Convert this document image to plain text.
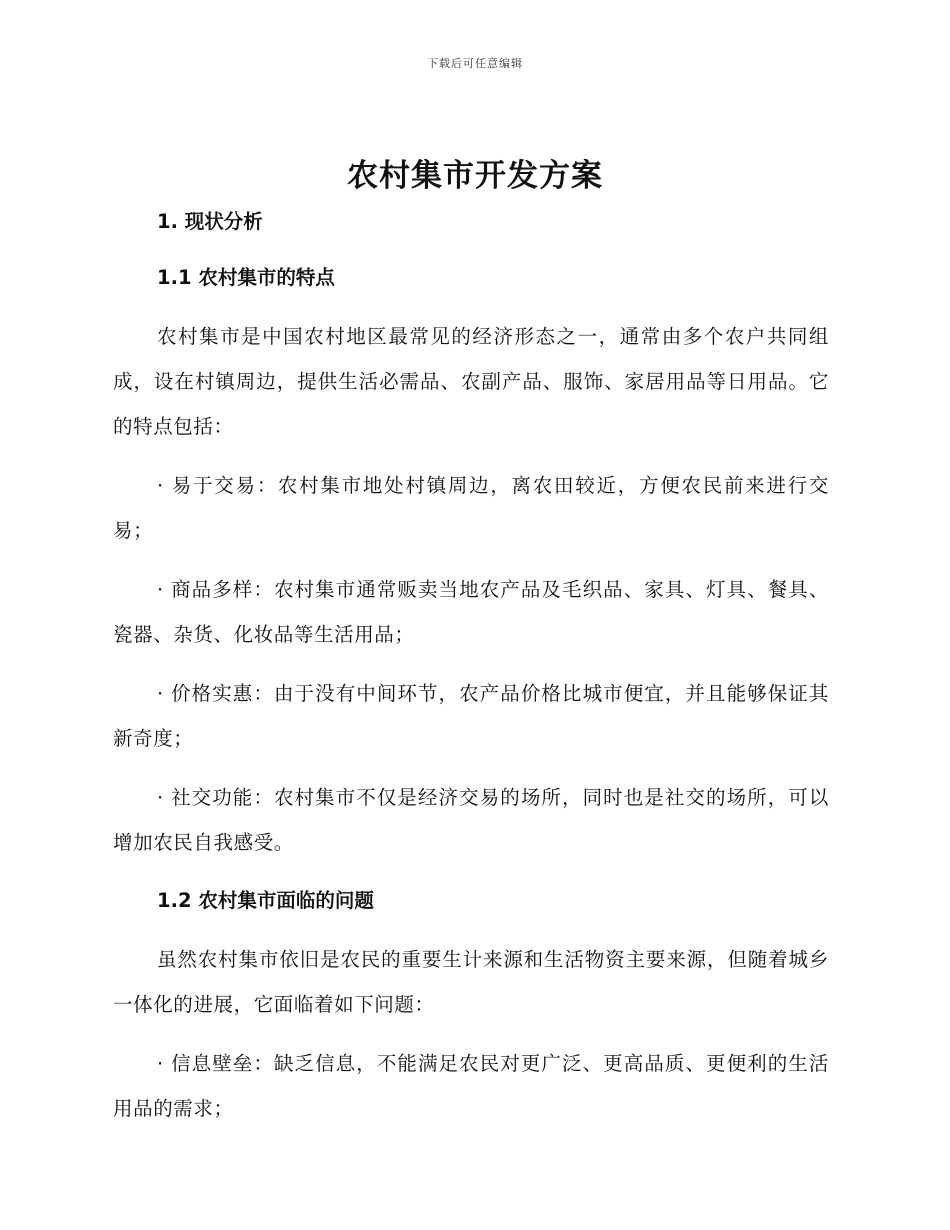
下载后可任意编辑
农村集市开发方案

1. 现状分析

1.1 农村集市的特点

农村集市是中国农村地区最常见的经济形态之一，通常由多个农户共同组成，设在村镇周边，提供生活必需品、农副产品、服饰、家居用品等日用品。它的特点包括：

· 易于交易：农村集市地处村镇周边，离农田较近，方便农民前来进行交易；

· 商品多样：农村集市通常贩卖当地农产品及毛织品、家具、灯具、餐具、瓷器、杂货、化妆品等生活用品；

· 价格实惠：由于没有中间环节，农产品价格比城市便宜，并且能够保证其新奇度；

· 社交功能：农村集市不仅是经济交易的场所，同时也是社交的场所，可以增加农民自我感受。

1.2 农村集市面临的问题

虽然农村集市依旧是农民的重要生计来源和生活物资主要来源，但随着城乡一体化的进展，它面临着如下问题：

· 信息壁垒：缺乏信息，不能满足农民对更广泛、更高品质、更便利的生活用品的需求；
